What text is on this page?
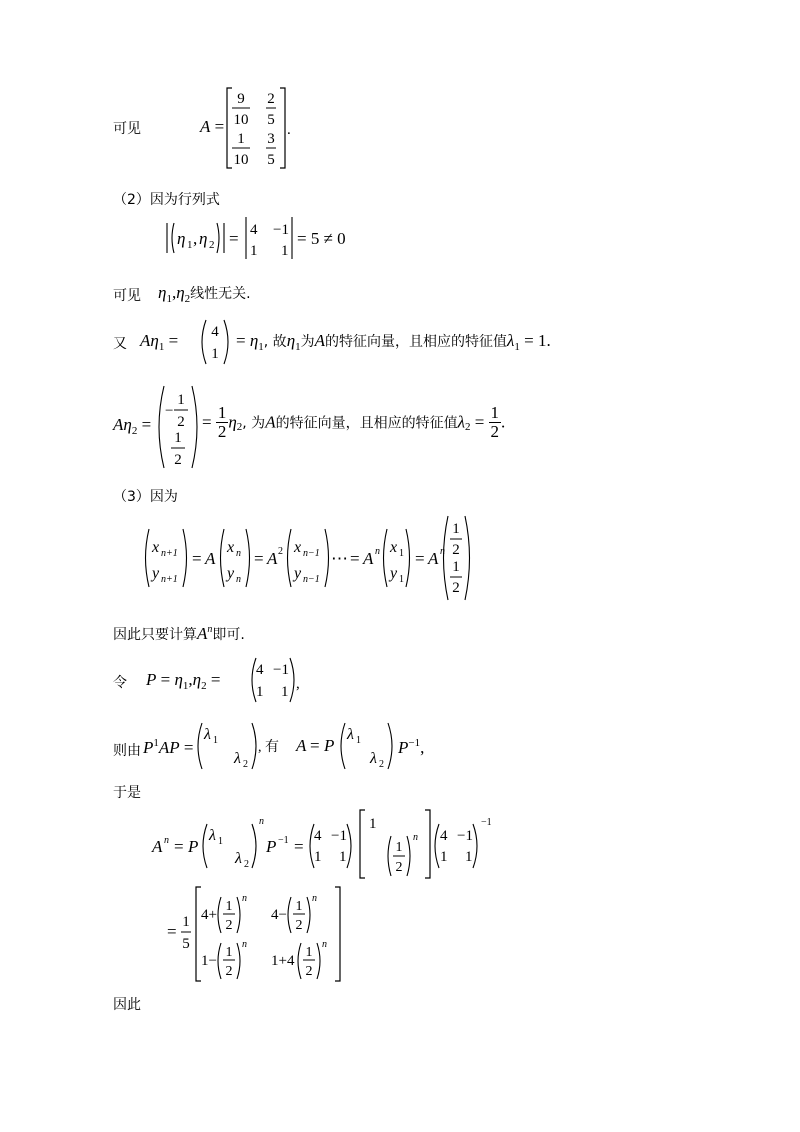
可见	A =
9
10
2
5
1
10
3
5
.
（2）因为行列式
η 1 , η 2 = 4 −1
1 1
= 5 ≠ 0
可见 $\eta_1,\eta_2$线性无关.
又 $A\eta_1 = 4$
1
= $\eta_1$, 故$\eta_1$为A的特征向量，且相应的特征值$\lambda_1 = 1$.
$A\eta_2$ =
−
1
2
1
2
= $\frac{1}{2} \eta_2$, 为A的特征向量，且相应的特征值$\lambda_2 = \frac{1}{2}$ .
（3）因为
x n+1
y n+1
= A
x n
y n
= A 2 x n−1
y n−1
⋯ = A n x 1
y 1
= A n
1
2
1
2
因此只要计算$A^n$即可.
令 $P = \eta_1,\eta_2 = 4 -1$
1 1 ,
则由 $P^1AP$ =
λ 1
λ 2
, 有 A = P
λ 1
λ 2
$P^{-1}$,
于是
A n = P
λ 1
λ 2
n
P −1 =
4 −1
1 1
1
1
2
n 4 −1
1 1
−1
= 1
5
4+
1
2
n
4−
1
2
n
1−
1
2
n
1+4
1
2
n
因此
